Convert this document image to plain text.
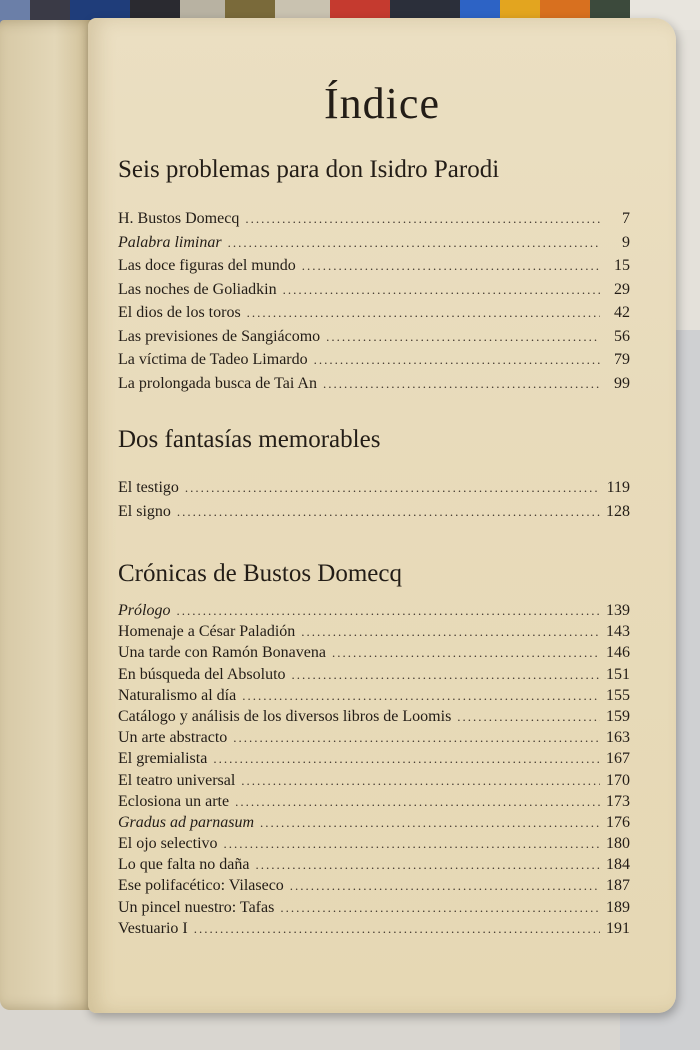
Índice
Seis problemas para don Isidro Parodi
H. Bustos Domecq .....	7
Palabra liminar .....	9
Las doce figuras del mundo .....	15
Las noches de Goliadkin .....	29
El dios de los toros .....	42
Las previsiones de Sangiácomo .....	56
La víctima de Tadeo Limardo .....	79
La prolongada busca de Tai An .....	99
Dos fantasías memorables
El testigo .....	119
El signo .....	128
Crónicas de Bustos Domecq
Prólogo .....	139
Homenaje a César Paladión .....	143
Una tarde con Ramón Bonavena .....	146
En búsqueda del Absoluto .....	151
Naturalismo al día .....	155
Catálogo y análisis de los diversos libros de Loomis .....	159
Un arte abstracto .....	163
El gremialista .....	167
El teatro universal .....	170
Eclosiona un arte .....	173
Gradus ad parnasum .....	176
El ojo selectivo .....	180
Lo que falta no daña .....	184
Ese polifacético: Vilaseco .....	187
Un pincel nuestro: Tafas .....	189
Vestuario I .....	191
